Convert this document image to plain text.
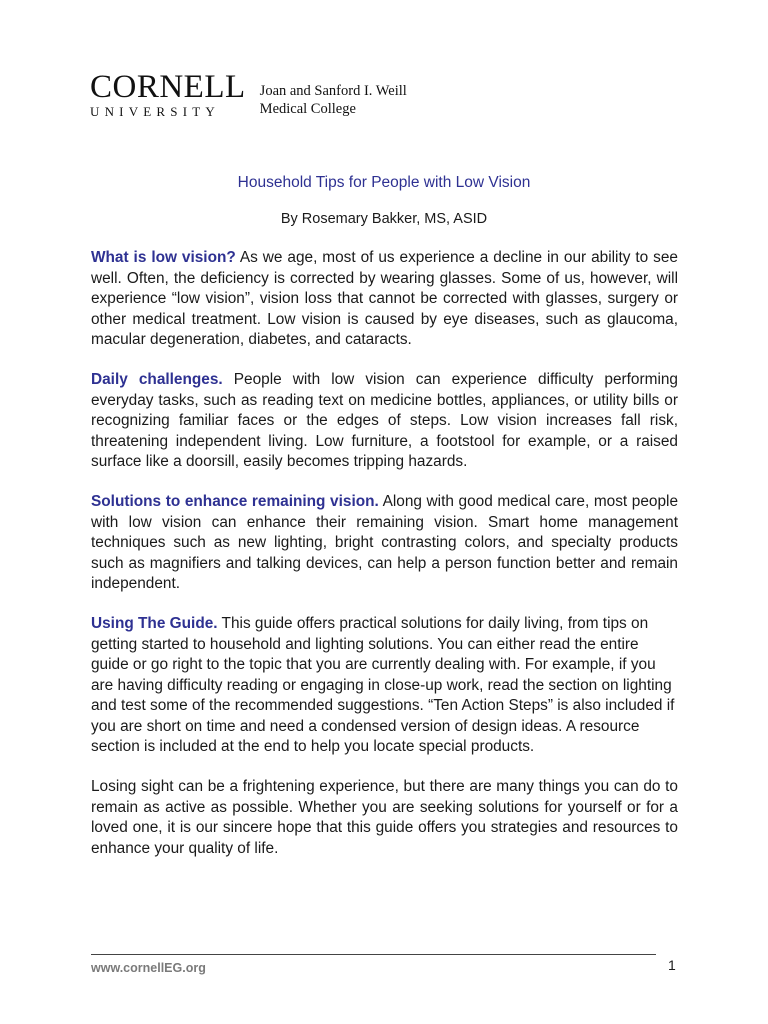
CORNELL
UNIVERSITY
Joan and Sanford I. Weill
Medical College
Household Tips for People with Low Vision
By Rosemary Bakker, MS, ASID

What is low vision? As we age, most of us experience a decline in our ability to see well. Often, the deficiency is corrected by wearing glasses. Some of us, however, will experience “low vision”, vision loss that cannot be corrected with glasses, surgery or other medical treatment. Low vision is caused by eye diseases, such as glaucoma, macular degeneration, diabetes, and cataracts.

Daily challenges. People with low vision can experience difficulty performing everyday tasks, such as reading text on medicine bottles, appliances, or utility bills or recognizing familiar faces or the edges of steps. Low vision increases fall risk, threatening independent living. Low furniture, a footstool for example, or a raised surface like a doorsill, easily becomes tripping hazards.

Solutions to enhance remaining vision. Along with good medical care, most people with low vision can enhance their remaining vision. Smart home management techniques such as new lighting, bright contrasting colors, and specialty products such as magnifiers and talking devices, can help a person function better and remain independent.

Using The Guide. This guide offers practical solutions for daily living, from tips on getting started to household and lighting solutions. You can either read the entire guide or go right to the topic that you are currently dealing with. For example, if you are having difficulty reading or engaging in close-up work, read the section on lighting and test some of the recommended suggestions. “Ten Action Steps” is also included if you are short on time and need a condensed version of design ideas. A resource section is included at the end to help you locate special products.

Losing sight can be a frightening experience, but there are many things you can do to remain as active as possible. Whether you are seeking solutions for yourself or for a loved one, it is our sincere hope that this guide offers you strategies and resources to enhance your quality of life.

www.cornellEG.org	1
